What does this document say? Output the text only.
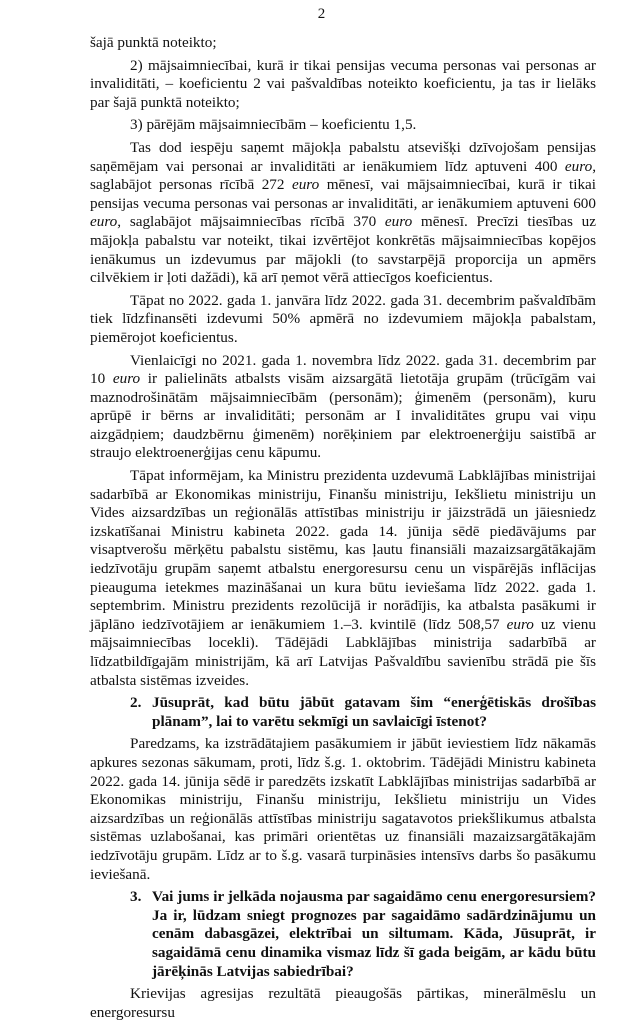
2

šajā punktā noteikto;

2) mājsaimniecībai, kurā ir tikai pensijas vecuma personas vai personas ar invaliditāti, – koeficientu 2 vai pašvaldības noteikto koeficientu, ja tas ir lielāks par šajā punktā noteikto;

3) pārējām mājsaimniecībām – koeficientu 1,5.

Tas dod iespēju saņemt mājokļa pabalstu atsevišķi dzīvojošam pensijas saņēmējam vai personai ar invaliditāti ar ienākumiem līdz aptuveni 400 euro, saglabājot personas rīcībā 272 euro mēnesī, vai mājsaimniecībai, kurā ir tikai pensijas vecuma personas vai personas ar invaliditāti, ar ienākumiem aptuveni 600 euro, saglabājot mājsaimniecības rīcībā 370 euro mēnesī. Precīzi tiesības uz mājokļa pabalstu var noteikt, tikai izvērtējot konkrētās mājsaimniecības kopējos ienākumus un izdevumus par mājokli (to savstarpējā proporcija un apmērs cilvēkiem ir ļoti dažādi), kā arī ņemot vērā attiecīgos koeficientus.

Tāpat no 2022. gada 1. janvāra līdz 2022. gada 31. decembrim pašvaldībām tiek līdzfinansēti izdevumi 50% apmērā no izdevumiem mājokļa pabalstam, piemērojot koeficientus.

Vienlaicīgi no 2021. gada 1. novembra līdz 2022. gada 31. decembrim par 10 euro ir palielināts atbalsts visām aizsargātā lietotāja grupām (trūcīgām vai maznodrošinātām mājsaimniecībām (personām); ģimenēm (personām), kuru aprūpē ir bērns ar invaliditāti; personām ar I invaliditātes grupu vai viņu aizgādņiem; daudzbērnu ģimenēm) norēķiniem par elektroenerģiju saistībā ar straujo elektroenerģijas cenu kāpumu.

Tāpat informējam, ka Ministru prezidenta uzdevumā Labklājības ministrijai sadarbībā ar Ekonomikas ministriju, Finanšu ministriju, Iekšlietu ministriju un Vides aizsardzības un reģionālās attīstības ministriju ir jāizstrādā un jāiesniedz izskatīšanai Ministru kabineta 2022. gada 14. jūnija sēdē piedāvājums par visaptverošu mērķētu pabalstu sistēmu, kas ļautu finansiāli mazaizsargātākajām iedzīvotāju grupām saņemt atbalstu energoresursu cenu un vispārējās inflācijas pieauguma ietekmes mazināšanai un kura būtu ieviešama līdz 2022. gada 1. septembrim. Ministru prezidents rezolūcijā ir norādījis, ka atbalsta pasākumi ir jāplāno iedzīvotājiem ar ienākumiem 1.–3. kvintilē (līdz 508,57 euro uz vienu mājsaimniecības locekli). Tādējādi Labklājības ministrija sadarbībā ar līdzatbildīgajām ministrijām, kā arī Latvijas Pašvaldību savienību strādā pie šīs atbalsta sistēmas izveides.

2. Jūsuprāt, kad būtu jābūt gatavam šim “enerģētiskās drošības plānam”, lai to varētu sekmīgi un savlaicīgi īstenot?

Paredzams, ka izstrādātajiem pasākumiem ir jābūt ieviestiem līdz nākamās apkures sezonas sākumam, proti, līdz š.g. 1. oktobrim. Tādējādi Ministru kabineta 2022. gada 14. jūnija sēdē ir paredzēts izskatīt Labklājības ministrijas sadarbībā ar Ekonomikas ministriju, Finanšu ministriju, Iekšlietu ministriju un Vides aizsardzības un reģionālās attīstības ministriju sagatavotos priekšlikumus atbalsta sistēmas uzlabošanai, kas primāri orientētas uz finansiāli mazaizsargātākajām iedzīvotāju grupām. Līdz ar to š.g. vasarā turpināsies intensīvs darbs šo pasākumu ieviešanā.

3. Vai jums ir jelkāda nojausma par sagaidāmo cenu energoresursiem? Ja ir, lūdzam sniegt prognozes par sagaidāmo sadārdzinājumu un cenām dabasgāzei, elektrībai un siltumam. Kāda, Jūsuprāt, ir sagaidāmā cenu dinamika vismaz līdz šī gada beigām, ar kādu būtu jārēķinās Latvijas sabiedrībai?

Krievijas agresijas rezultātā pieaugošās pārtikas, minerālmēslu un energoresursu
